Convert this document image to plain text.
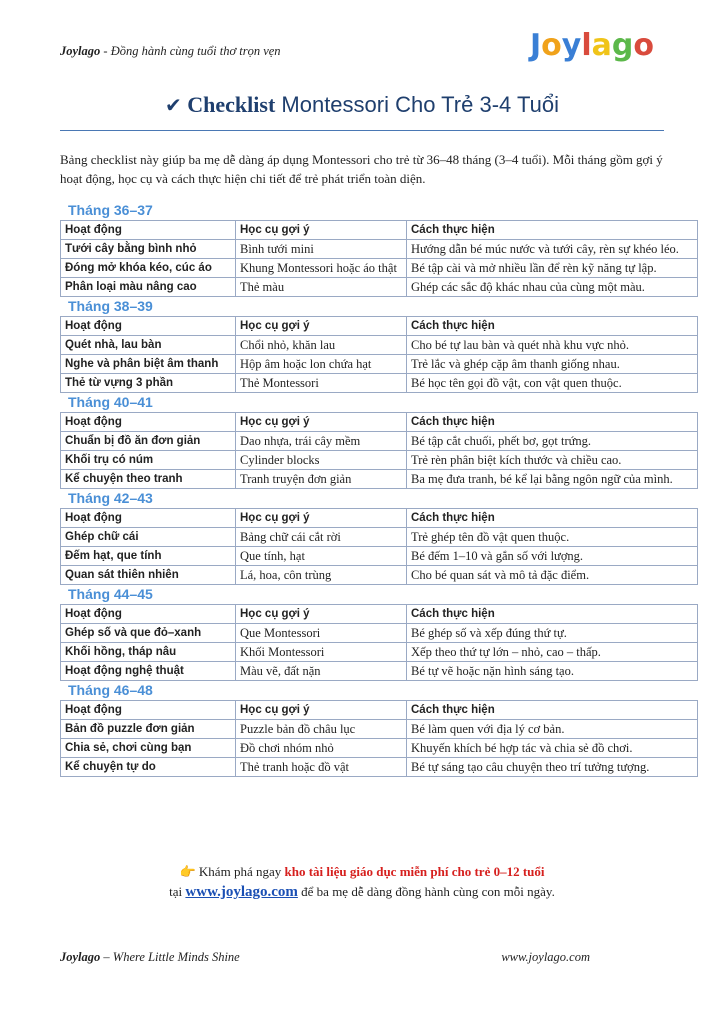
Joylago - Đồng hành cùng tuổi thơ trọn vẹn	Joylago
✔ Checklist Montessori Cho Trẻ 3-4 Tuổi
Bảng checklist này giúp ba mẹ dễ dàng áp dụng Montessori cho trẻ từ 36–48 tháng (3–4 tuổi). Mỗi tháng gồm gợi ý hoạt động, học cụ và cách thực hiện chi tiết để trẻ phát triển toàn diện.
Tháng 36–37
Hoạt động	Học cụ gợi ý	Cách thực hiện
Tưới cây bằng bình nhỏ	Bình tưới mini	Hướng dẫn bé múc nước và tưới cây, rèn sự khéo léo.
Đóng mở khóa kéo, cúc áo	Khung Montessori hoặc áo thật	Bé tập cài và mở nhiều lần để rèn kỹ năng tự lập.
Phân loại màu nâng cao	Thẻ màu	Ghép các sắc độ khác nhau của cùng một màu.
Tháng 38–39
Hoạt động	Học cụ gợi ý	Cách thực hiện
Quét nhà, lau bàn	Chổi nhỏ, khăn lau	Cho bé tự lau bàn và quét nhà khu vực nhỏ.
Nghe và phân biệt âm thanh	Hộp âm hoặc lon chứa hạt	Trẻ lắc và ghép cặp âm thanh giống nhau.
Thẻ từ vựng 3 phần	Thẻ Montessori	Bé học tên gọi đồ vật, con vật quen thuộc.
Tháng 40–41
Hoạt động	Học cụ gợi ý	Cách thực hiện
Chuẩn bị đồ ăn đơn giản	Dao nhựa, trái cây mềm	Bé tập cắt chuối, phết bơ, gọt trứng.
Khối trụ có núm	Cylinder blocks	Trẻ rèn phân biệt kích thước và chiều cao.
Kể chuyện theo tranh	Tranh truyện đơn giản	Ba mẹ đưa tranh, bé kể lại bằng ngôn ngữ của mình.
Tháng 42–43
Hoạt động	Học cụ gợi ý	Cách thực hiện
Ghép chữ cái	Bảng chữ cái cắt rời	Trẻ ghép tên đồ vật quen thuộc.
Đếm hạt, que tính	Que tính, hạt	Bé đếm 1–10 và gắn số với lượng.
Quan sát thiên nhiên	Lá, hoa, côn trùng	Cho bé quan sát và mô tả đặc điểm.
Tháng 44–45
Hoạt động	Học cụ gợi ý	Cách thực hiện
Ghép số và que đỏ–xanh	Que Montessori	Bé ghép số và xếp đúng thứ tự.
Khối hồng, tháp nâu	Khối Montessori	Xếp theo thứ tự lớn – nhỏ, cao – thấp.
Hoạt động nghệ thuật	Màu vẽ, đất nặn	Bé tự vẽ hoặc nặn hình sáng tạo.
Tháng 46–48
Hoạt động	Học cụ gợi ý	Cách thực hiện
Bản đồ puzzle đơn giản	Puzzle bản đồ châu lục	Bé làm quen với địa lý cơ bản.
Chia sẻ, chơi cùng bạn	Đồ chơi nhóm nhỏ	Khuyến khích bé hợp tác và chia sẻ đồ chơi.
Kể chuyện tự do	Thẻ tranh hoặc đồ vật	Bé tự sáng tạo câu chuyện theo trí tưởng tượng.
👉 Khám phá ngay kho tài liệu giáo dục miễn phí cho trẻ 0–12 tuổi
tại www.joylago.com để ba mẹ dễ dàng đồng hành cùng con mỗi ngày.
Joylago – Where Little Minds Shine	www.joylago.com
